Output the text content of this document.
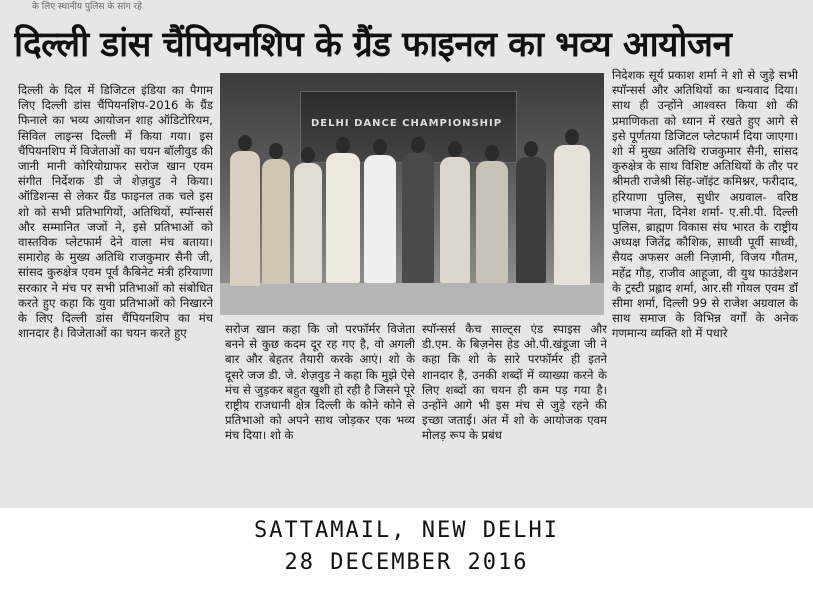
के लिए स्थानीय पुलिस के सांग रहे
दिल्ली डांस चैंपियनशिप के ग्रैंड फाइनल का भव्य आयोजन
दिल्ली के दिल में डिजिटल इंडिया का पैगाम लिए दिल्ली डांस चैंपियनशिप-2016 के ग्रैंड फिनाले का भव्य आयोजन शाह ऑडिटोरियम, सिविल लाइन्स दिल्ली में किया गया। इस चैंपियनशिप में विजेताओं का चयन बॉलीवुड की जानी मानी कोरियोग्राफर सरोज खान एवम संगीत निर्देशक डी जे शेज़वुड ने किया। ऑडिशन्स से लेकर ग्रैंड फाइनल तक चले इस शो को सभी प्रतिभागियों, अतिथियों, स्पॉन्सर्स और सम्मानित जजों ने, इसे प्रतिभाओं को वास्तविक प्लेटफार्म देने वाला मंच बताया। समारोह के मुख्य अतिथि राजकुमार सैनी जी, सांसद कुरुक्षेत्र एवम पूर्व कैबिनेट मंत्री हरियाणा सरकार ने मंच पर सभी प्रतिभाओं को संबोधित करते हुए कहा कि युवा प्रतिभाओं को निखारने के लिए दिल्ली डांस चैंपियनशिप का मंच शानदार है। विजेताओं का चयन करते हुए
DELHI DANCE CHAMPIONSHIP
सरोज खान कहा कि जो परफॉर्मर विजेता बनने से कुछ कदम दूर रह गए है, वो अगली बार और बेहतर तैयारी करके आएं। शो के दूसरे जज डी. जे. शेज़वुड ने कहा कि मुझे ऐसे मंच से जुड़कर बहुत खुशी हो रही है जिसने पूरे राष्ट्रीय राजधानी क्षेत्र दिल्ली के कोने कोने से प्रतिभाओ को अपने साथ जोड़कर एक भव्य मंच दिया। शो के
स्पॉन्सर्स कैच साल्ट्स एंड स्पाइस और डी.एम. के बिज़नेस हेड ओ.पी.खंडूजा जी ने कहा कि शो के सारे परफॉर्मर ही इतने शानदार है, उनकी शब्दों में व्याख्या करने के लिए शब्दों का चयन ही कम पड़ गया है। उन्होंने आगे भी इस मंच से जुड़े रहने की इच्छा जताई। अंत में शो के आयोजक एवम मोलड़ रूप के प्रबंध
निदेशक सूर्य प्रकाश शर्मा ने शो से जुड़े सभी स्पॉन्सर्स और अतिथियों का धन्यवाद दिया। साथ ही उन्होंने आश्वस्त किया शो की प्रमाणिकता को ध्यान में रखते हुए आगे से इसे पूर्णतया डिजिटल प्लेटफार्म दिया जाएगा। शो में मुख्य अतिथि राजकुमार सैनी, सांसद कुरुक्षेत्र के साथ विशिष्ट अतिथियों के तौर पर श्रीमती राजेश्री सिंह-जॉइंट कमिश्नर, फरीदाद, हरियाणा पुलिस, सुधीर अग्रवाल- वरिष्ठ भाजपा नेता, दिनेश शर्मा- ए.सी.पी. दिल्ली पुलिस, ब्राह्मण विकास संघ भारत के राष्ट्रीय अध्यक्ष जितेंद्र कौशिक, साध्वी पूर्वी साध्वी, सैयद अफसर अली निज़ामी, विजय गौतम, महेंद्र गौड़, राजीव आहूजा, वी युथ फाउंडेशन के ट्रस्टी प्रह्लाद शर्मा, आर.सी गोयल एवम डॉ सीमा शर्मा, दिल्ली 99 से राजेश अग्रवाल के साथ समाज के विभिन्न वर्गों के अनेक गणमान्य व्यक्ति शो में पधारे
SATTAMAIL, NEW DELHI
28 DECEMBER 2016
